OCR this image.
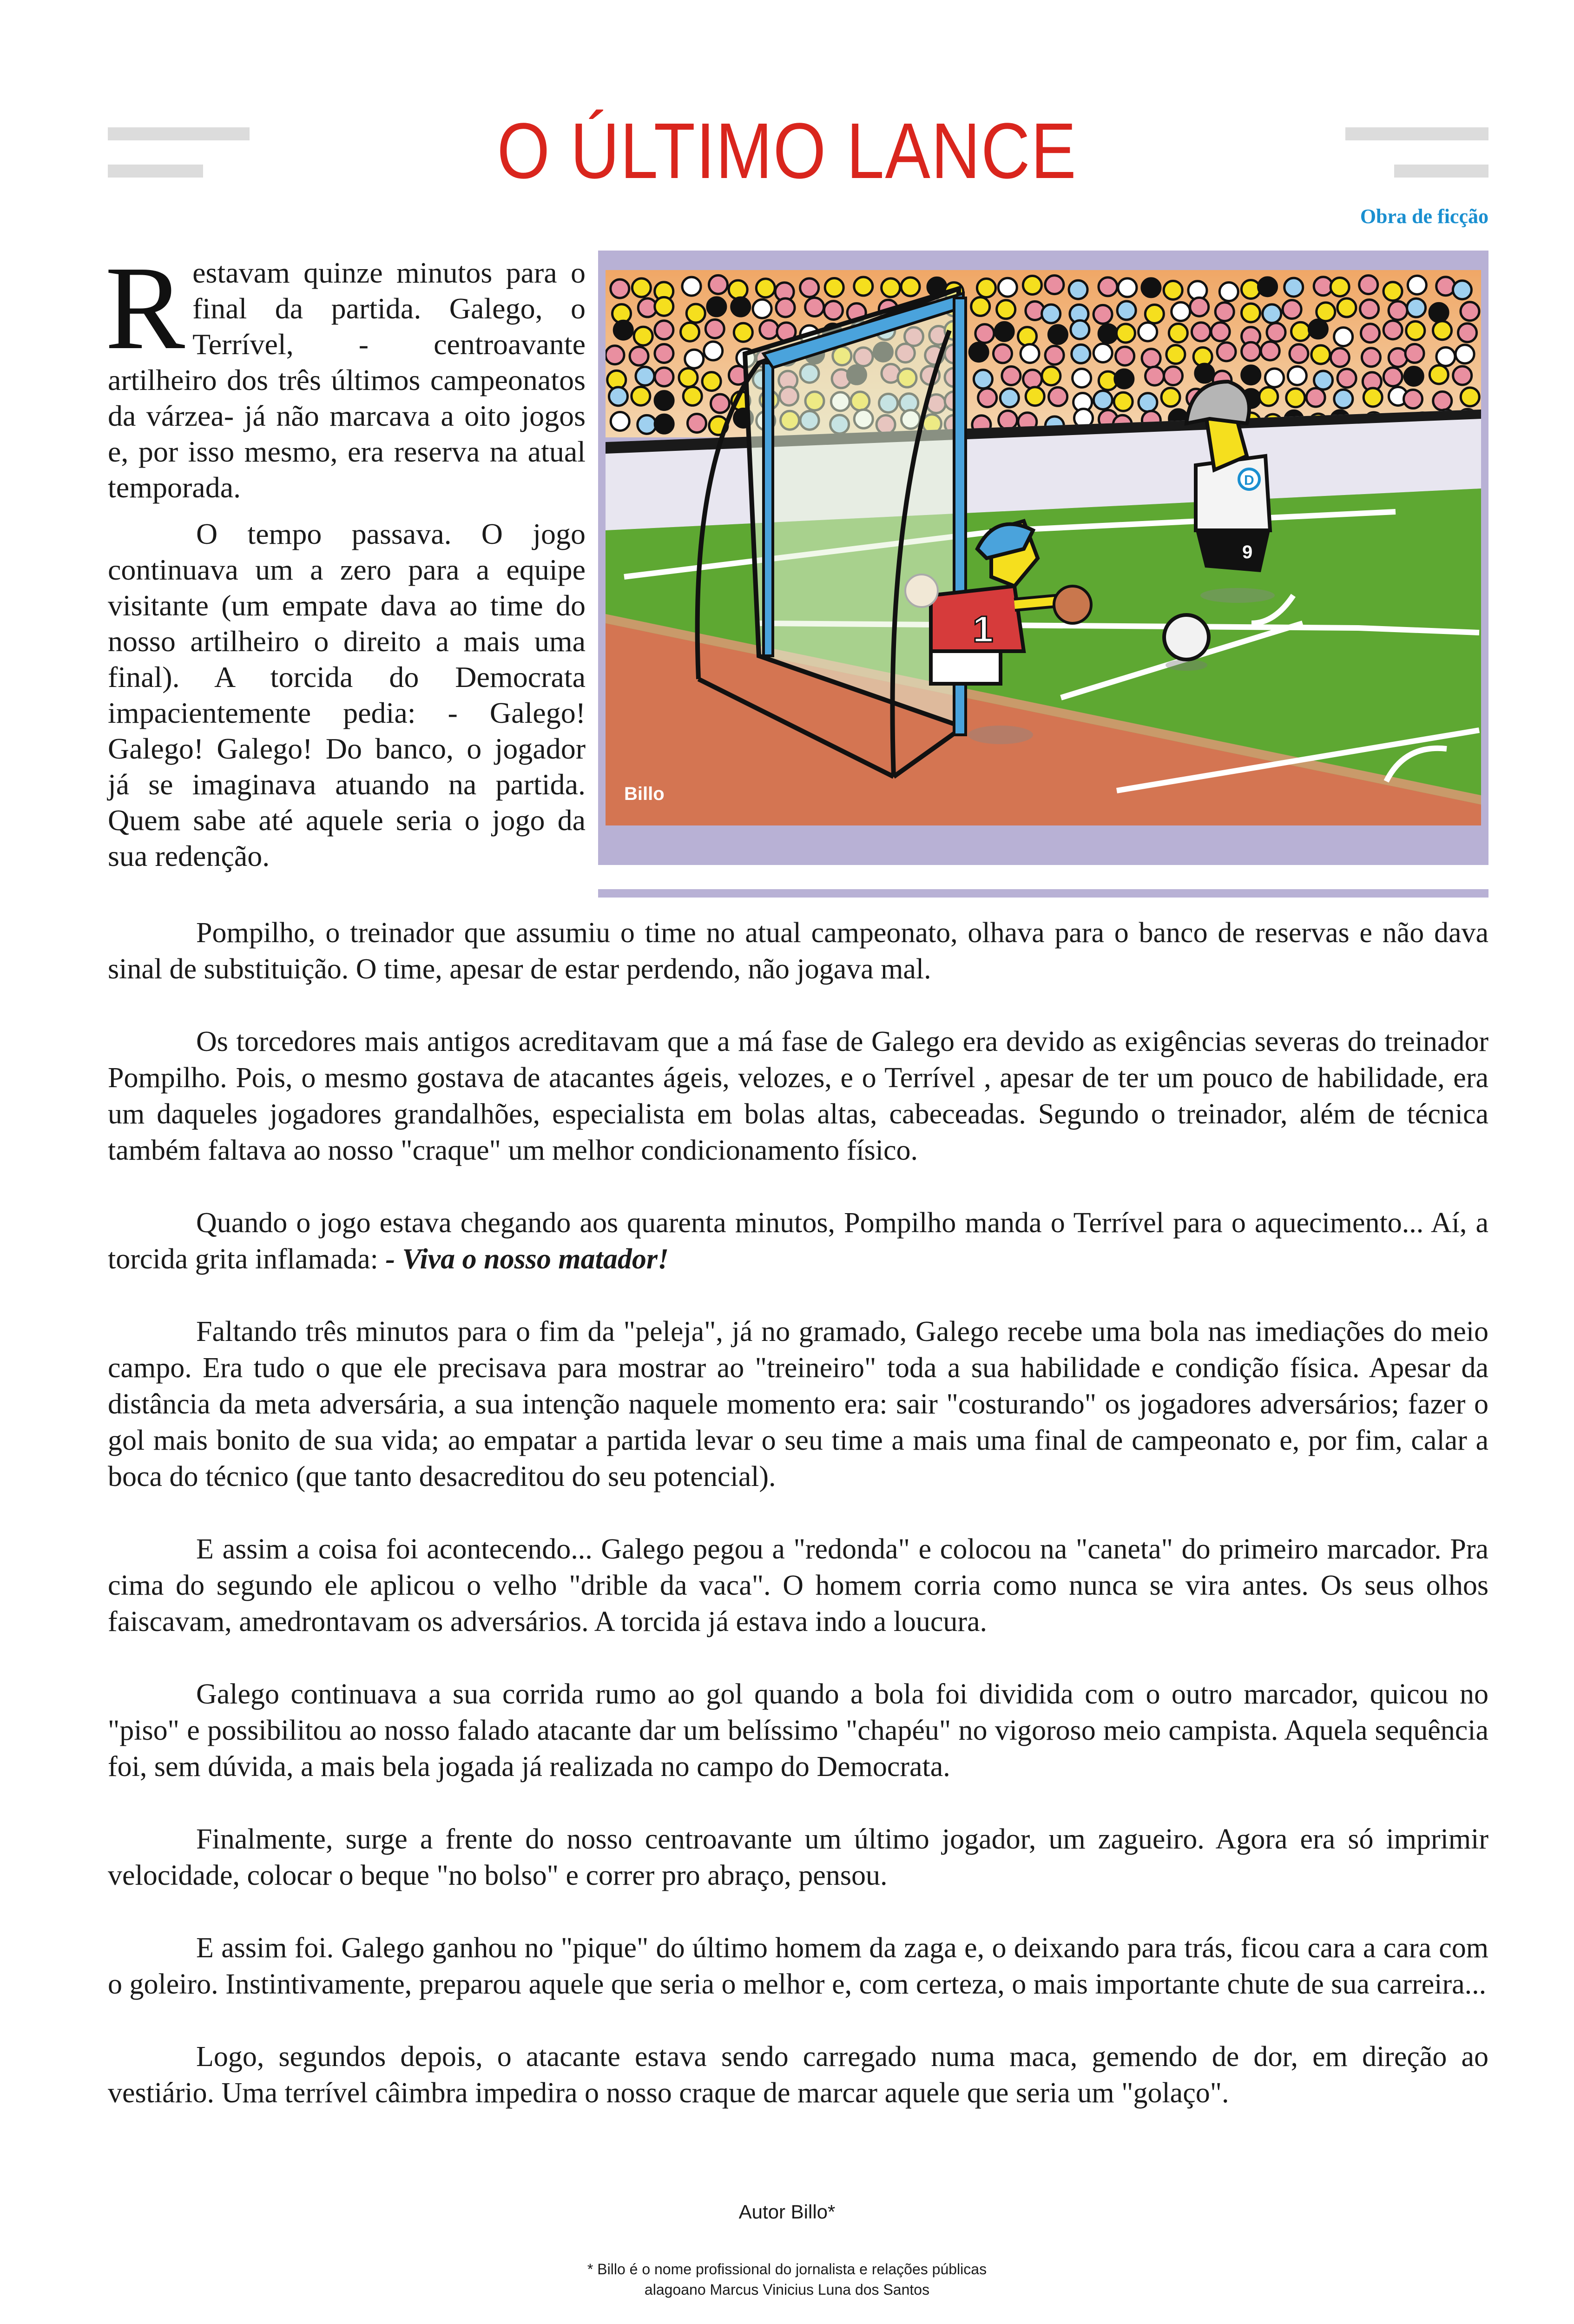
O ÚLTIMO LANCE
Obra de ficção
R estavam quinze minutos para o final da partida. Galego, o Terrível, - centroavante artilheiro dos três últimos campeonatos da várzea- já não marcava a oito jogos e, por isso mesmo, era reserva na atual temporada.
O tempo passava. O jogo continuava um a zero para a equipe visitante (um empate dava ao time do nosso artilheiro o direito a mais uma final). A torcida do Democrata impacientemente pedia: - Galego! Galego! Galego! Do banco, o jogador já se imaginava atuando na partida. Quem sabe até aquele seria o jogo da sua redenção.
1
9
D
Billo

Pompilho, o treinador que assumiu o time no atual campeonato, olhava para o banco de reservas e não dava sinal de substituição. O time, apesar de estar perdendo, não jogava mal.

Os torcedores mais antigos acreditavam que a má fase de Galego era devido as exigências severas do treinador Pompilho. Pois, o mesmo gostava de atacantes ágeis, velozes, e o Terrível , apesar de ter um pouco de habilidade, era um daqueles jogadores grandalhões, especialista em bolas altas, cabeceadas. Segundo o treinador, além de técnica também faltava ao nosso "craque" um melhor condicionamento físico.

Quando o jogo estava chegando aos quarenta minutos, Pompilho manda o Terrível para o aquecimento... Aí, a torcida grita inflamada: - Viva o nosso matador!

Faltando três minutos para o fim da "peleja", já no gramado, Galego recebe uma bola nas imediações do meio campo. Era tudo o que ele precisava para mostrar ao "treineiro" toda a sua habilidade e condição física. Apesar da distância da meta adversária, a sua intenção naquele momento era: sair "costurando" os jogadores adversários; fazer o gol mais bonito de sua vida; ao empatar a partida levar o seu time a mais uma final de campeonato e, por fim, calar a boca do técnico (que tanto desacreditou do seu potencial).

E assim a coisa foi acontecendo... Galego pegou a "redonda" e colocou na "caneta" do primeiro marcador. Pra cima do segundo ele aplicou o velho "drible da vaca". O homem corria como nunca se vira antes. Os seus olhos faiscavam, amedrontavam os adversários. A torcida já estava indo a loucura.

Galego continuava a sua corrida rumo ao gol quando a bola foi dividida com o outro marcador, quicou no "piso" e possibilitou ao nosso falado atacante dar um belíssimo "chapéu" no vigoroso meio campista. Aquela sequência foi, sem dúvida, a mais bela jogada já realizada no campo do Democrata.

Finalmente, surge a frente do nosso centroavante um último jogador, um zagueiro. Agora era só imprimir velocidade, colocar o beque "no bolso" e correr pro abraço, pensou.

E assim foi. Galego ganhou no "pique" do último homem da zaga e, o deixando para trás, ficou cara a cara com o goleiro. Instintivamente, preparou aquele que seria o melhor e, com certeza, o mais importante chute de sua carreira...

Logo, segundos depois, o atacante estava sendo carregado numa maca, gemendo de dor, em direção ao vestiário. Uma terrível câimbra impedira o nosso craque de marcar aquele que seria um "golaço".

Autor Billo*
* Billo é o nome profissional do jornalista e relações públicas
alagoano Marcus Vinicius Luna dos Santos
